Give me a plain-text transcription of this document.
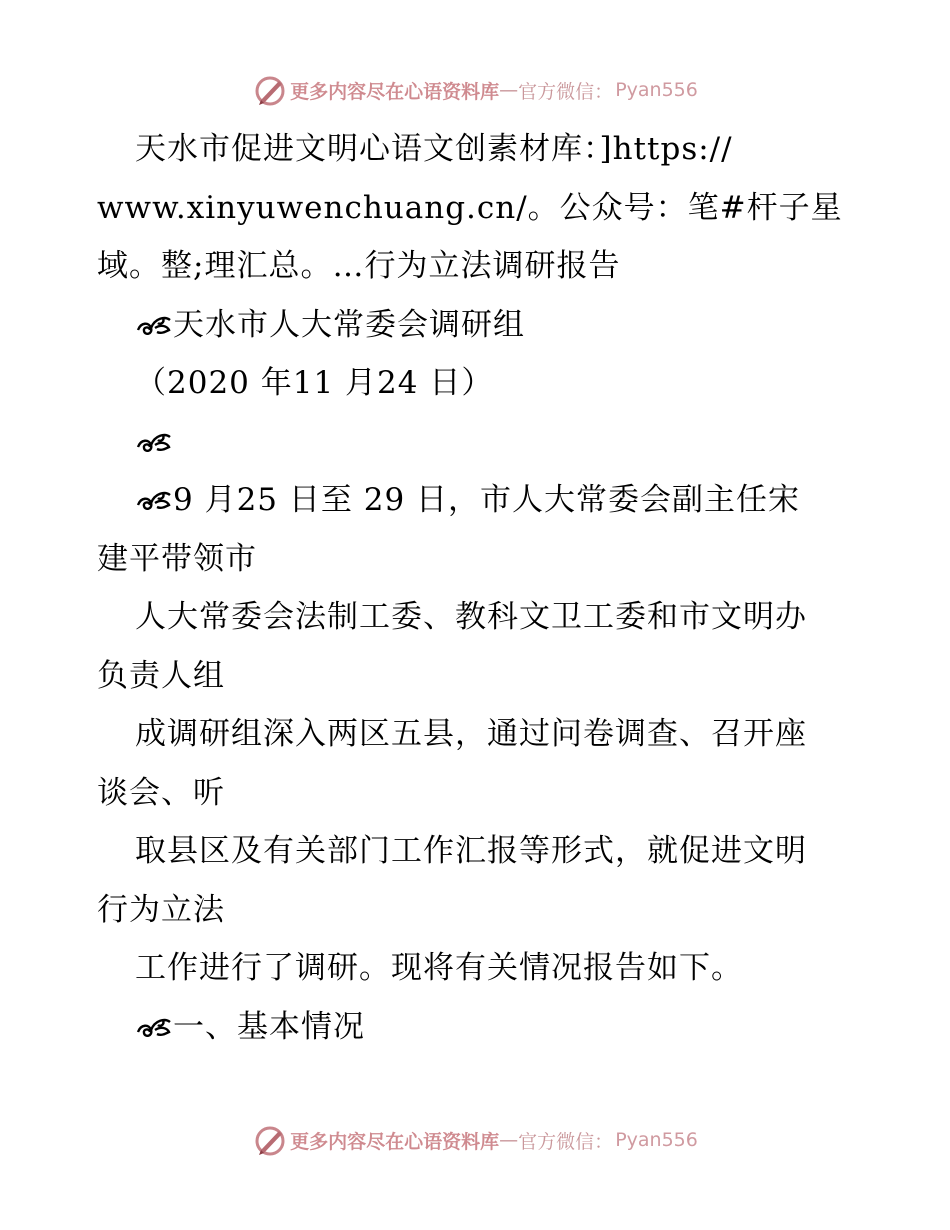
更多内容尽在心语资料库 — 官方微信： Pyan556

天水市促进文明心语文创素材库：]https://
www.xinyuwenchuang.cn/。公众号：笔#杆子星
域。整;理汇总。…行为立法调研报告

天水市人大常委会调研组

（2020 年11 月24 日）

9 月25 日至 29 日，市人大常委会副主任宋
建平带领市

人大常委会法制工委、教科文卫工委和市文明办
负责人组

成调研组深入两区五县，通过问卷调查、召开座
谈会、听

取县区及有关部门工作汇报等形式，就促进文明
行为立法

工作进行了调研。现将有关情况报告如下。

一、基本情况

更多内容尽在心语资料库 — 官方微信： Pyan556
